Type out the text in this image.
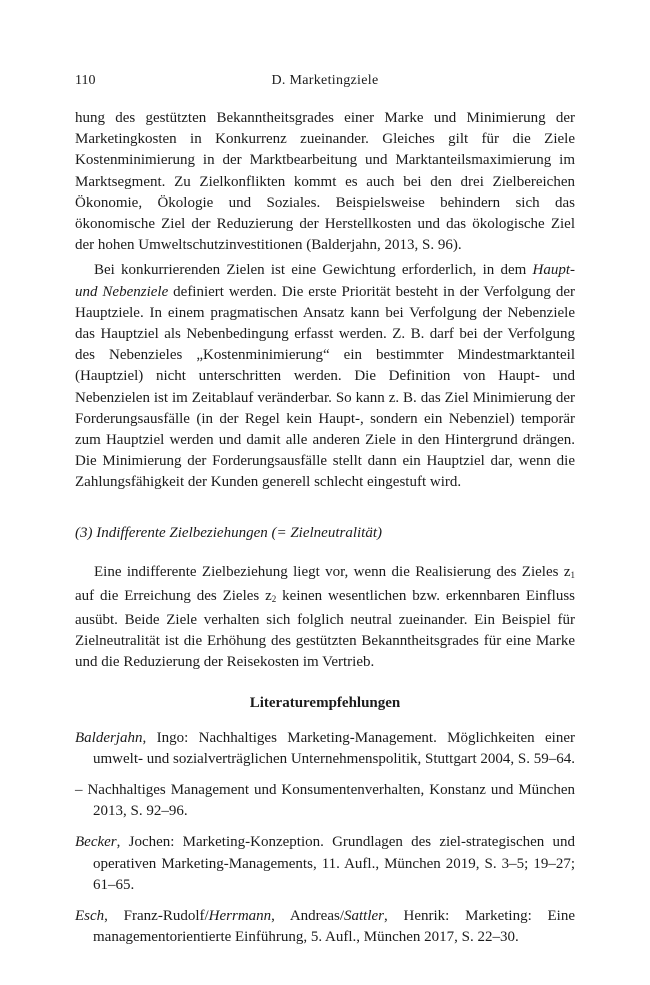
110	D. Marketingziele

hung des gestützten Bekanntheitsgrades einer Marke und Minimierung der Marketingkosten in Konkurrenz zueinander. Gleiches gilt für die Ziele Kostenminimierung in der Marktbearbeitung und Marktanteilsmaximierung im Marktsegment. Zu Zielkonflikten kommt es auch bei den drei Zielbereichen Ökonomie, Ökologie und Soziales. Beispielsweise behindern sich das ökonomische Ziel der Reduzierung der Herstellkosten und das ökologische Ziel der hohen Umweltschutzinvestitionen (Balderjahn, 2013, S. 96).

Bei konkurrierenden Zielen ist eine Gewichtung erforderlich, in dem Haupt- und Nebenziele definiert werden. Die erste Priorität besteht in der Verfolgung der Hauptziele. In einem pragmatischen Ansatz kann bei Verfolgung der Nebenziele das Hauptziel als Nebenbedingung erfasst werden. Z. B. darf bei der Verfolgung des Nebenzieles „Kostenminimierung“ ein bestimmter Mindestmarktanteil (Hauptziel) nicht unterschritten werden. Die Definition von Haupt- und Nebenzielen ist im Zeitablauf veränderbar. So kann z. B. das Ziel Minimierung der Forderungsausfälle (in der Regel kein Haupt-, sondern ein Nebenziel) temporär zum Hauptziel werden und damit alle anderen Ziele in den Hintergrund drängen. Die Minimierung der Forderungsausfälle stellt dann ein Hauptziel dar, wenn die Zahlungsfähigkeit der Kunden generell schlecht eingestuft wird.

(3) Indifferente Zielbeziehungen (= Zielneutralität)

Eine indifferente Zielbeziehung liegt vor, wenn die Realisierung des Zieles $z_1$ auf die Erreichung des Zieles $z_2$ keinen wesentlichen bzw. erkennbaren Einfluss ausübt. Beide Ziele verhalten sich folglich neutral zueinander. Ein Beispiel für Zielneutralität ist die Erhöhung des gestützten Bekanntheitsgrades für eine Marke und die Reduzierung der Reisekosten im Vertrieb.

Literaturempfehlungen
Balderjahn, Ingo: Nachhaltiges Marketing-Management. Möglichkeiten einer umwelt- und sozialverträglichen Unternehmenspolitik, Stuttgart 2004, S. 59–64.
– Nachhaltiges Management und Konsumentenverhalten, Konstanz und München 2013, S. 92–96.
Becker, Jochen: Marketing-Konzeption. Grundlagen des ziel-strategischen und operativen Marketing-Managements, 11. Aufl., München 2019, S. 3–5; 19–27; 61–65.
Esch, Franz-Rudolf/Herrmann, Andreas/Sattler, Henrik: Marketing: Eine managementorientierte Einführung, 5. Aufl., München 2017, S. 22–30.
